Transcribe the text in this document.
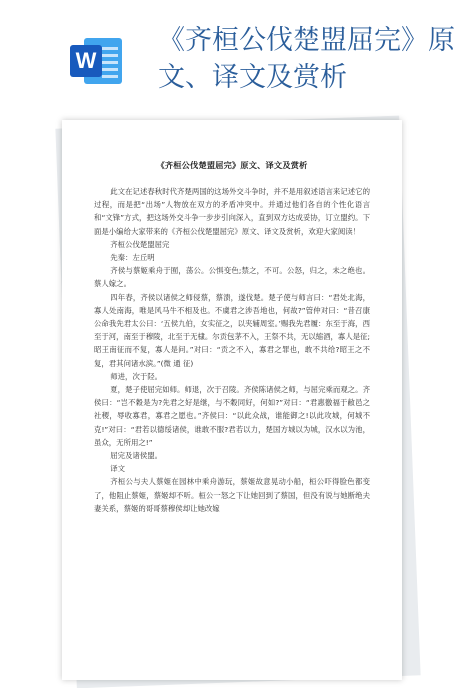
W
《齐桓公伐楚盟屈完》原文、译文及赏析
《齐桓公伐楚盟屈完》原文、译文及赏析

此文在记述春秋时代齐楚两国的这场外交斗争时，并不是用叙述语言来记述它的过程，而是把“出场”人物放在双方的矛盾冲突中。并通过他们各自的个性化语言和“文锋”方式，把这场外交斗争一步步引向深入，直到双方达成妥协，订立盟约。下面是小编给大家带来的《齐桓公伐楚盟屈完》原文、译文及赏析，欢迎大家阅读！

齐桓公伐楚盟屈完

先秦：左丘明

齐侯与蔡姬乘舟于囿，荡公。公惧变色;禁之，不可。公怒，归之，未之绝也。蔡人嫁之。

四年春，齐侯以诸侯之师侵蔡，蔡溃，遂伐楚。楚子使与师言曰：“君处北海，寡人处南海，唯是风马牛不相及也。不虞君之涉吾地也，何故?”管仲对曰：“昔召康公命我先君太公曰：‘五侯九伯，女实征之，以夹辅周室。’赐我先君履：东至于海，西至于河，南至于穆陵，北至于无棣。尔贡包茅不入，王祭不共，无以缩酒，寡人是征;昭王南征而不复，寡人是问。”对曰：“贡之不入，寡君之罪也，敢不共给?昭王之不复，君其问诸水滨。”(微 通 征)

师进，次于陉。

夏，楚子使屈完如师。师退，次于召陵。齐侯陈诸侯之师，与屈完乘而观之。齐侯曰：“岂不穀是为?先君之好是继，与不穀同好，何如?”对曰：“君惠徼福于敝邑之社稷，辱收寡君，寡君之愿也。”齐侯曰：“以此众战，谁能御之!以此攻城，何城不克!”对曰：“君若以德绥诸侯，谁敢不服?君若以力，楚国方城以为城，汉水以为池，虽众，无所用之!”

屈完及诸侯盟。

译文

齐桓公与夫人蔡姬在园林中乘舟游玩，蔡姬故意晃动小船，桓公吓得脸色都变了，他阻止蔡姬，蔡姬却不听。桓公一怒之下让她回到了蔡国，但没有说与她断绝夫妻关系，蔡姬的哥哥蔡穆侯却让她改嫁
